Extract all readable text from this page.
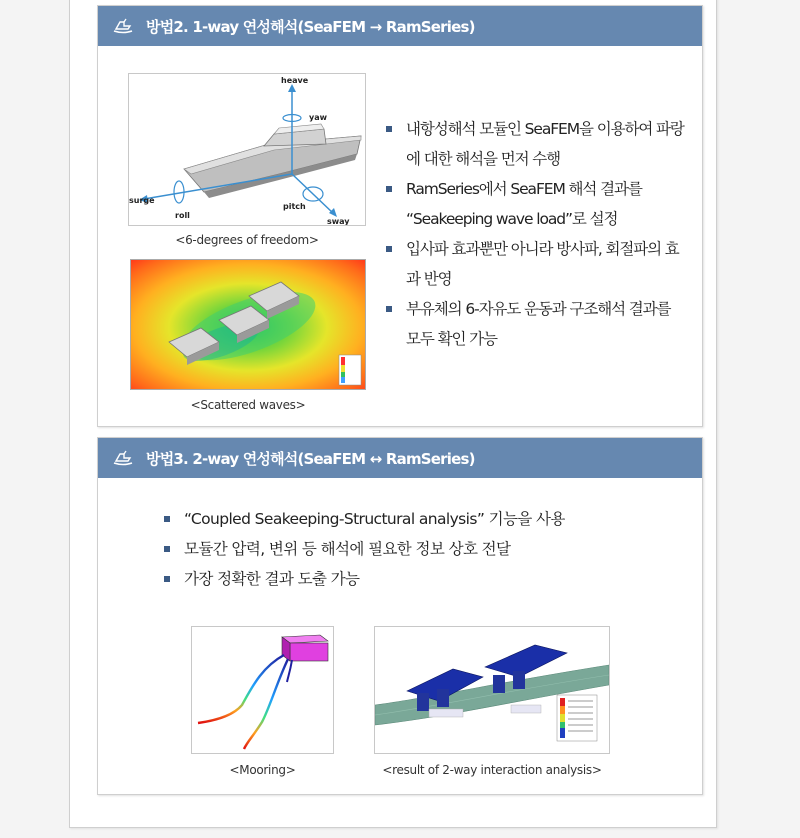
방법2. 1-way 연성해석(SeaFEM → RamSeries)
heave
yaw
surge
roll
sway
pitch
<6-degrees of freedom>
<Scattered waves>
내항성해석 모듈인 SeaFEM을 이용하여 파랑에 대한 해석을 먼저 수행
RamSeries에서 SeaFEM 해석 결과를 “Seakeeping wave load”로 설정
입사파 효과뿐만 아니라 방사파, 회절파의 효과 반영
부유체의 6-자유도 운동과 구조해석 결과를 모두 확인 가능
방법3. 2-way 연성해석(SeaFEM ↔ RamSeries)
“Coupled Seakeeping-Structural analysis” 기능을 사용
모듈간 압력, 변위 등 해석에 필요한 정보 상호 전달
가장 정확한 결과 도출 가능
<Mooring>	<result of 2-way interaction analysis>
